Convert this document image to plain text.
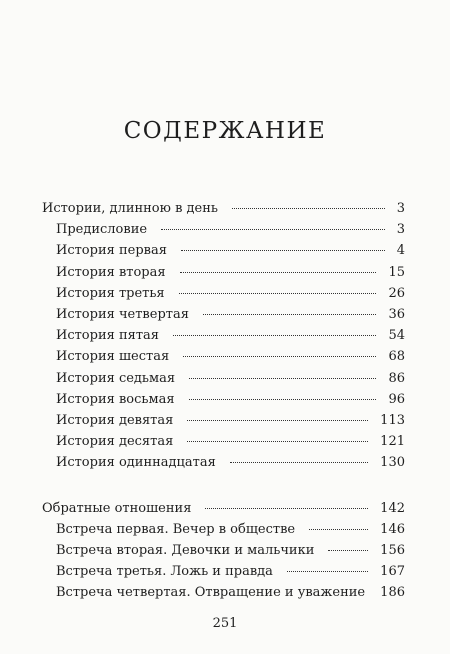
СОДЕРЖАНИЕ
Истории, длинною в день	3
Предисловие	3
История первая	4
История вторая	15
История третья	26
История четвертая	36
История пятая	54
История шестая	68
История седьмая	86
История восьмая	96
История девятая	113
История десятая	121
История одиннадцатая	130
Обратные отношения	142
Встреча первая. Вечер в обществе	146
Встреча вторая. Девочки и мальчики	156
Встреча третья. Ложь и правда	167
Встреча четвертая. Отвращение и уважение	186
251
